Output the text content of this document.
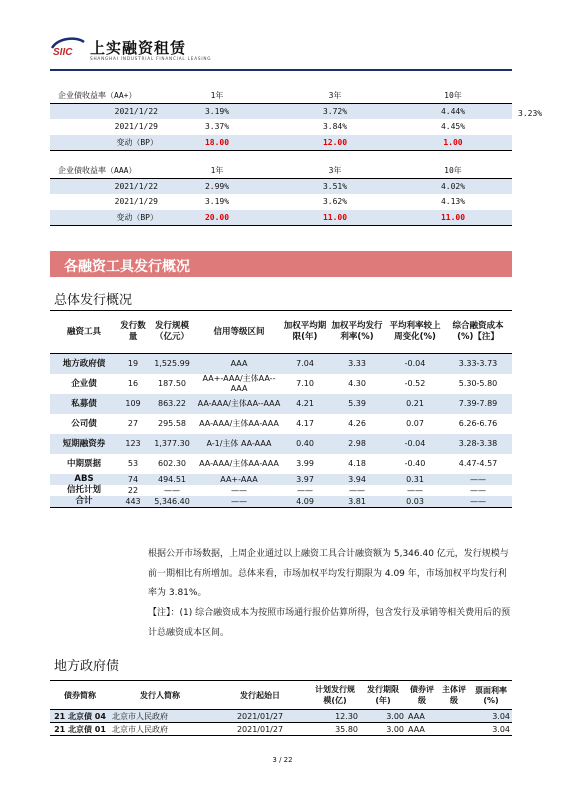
SIIC 上实融资租赁
SHANGHAI INDUSTRIAL FINANCIAL LEASING
企业债收益率（AA+）		1年	3年	10年
	2021/1/22	3.19%	3.72%	4.44%
	2021/1/29	3.37%	3.84%	4.45%
	变动（BP）	18.00	12.00	1.00
3.23%
企业债收益率（AAA）		1年	3年	10年
	2021/1/22	2.99%	3.51%	4.02%
	2021/1/29	3.19%	3.62%	4.13%
	变动（BP）	20.00	11.00	11.00
各融资工具发行概况
总体发行概况
融资工具	发行数量	发行规模（亿元）	信用等级区间	加权平均期限(年)	加权平均发行利率(%)	平均利率较上周变化(%)	综合融资成本(%)【注】
地方政府债	19	1,525.99	AAA	7.04	3.33	-0.04	3.33-3.73
企业债	16	187.50	AA+-AAA/主体AA--AAA	7.10	4.30	-0.52	5.30-5.80
私募债	109	863.22	AA-AAA/主体AA--AAA	4.21	5.39	0.21	7.39-7.89
公司债	27	295.58	AA-AAA/主体AA-AAA	4.17	4.26	0.07	6.26-6.76
短期融资券	123	1,377.30	A-1/主体 AA-AAA	0.40	2.98	-0.04	3.28-3.38
中期票据	53	602.30	AA-AAA/主体AA-AAA	3.99	4.18	-0.40	4.47-4.57
ABS	74	494.51	AA+-AAA	3.97	3.94	0.31	——
信托计划	22	——	——	——	——	——	——
合计	443	5,346.40	——	4.09	3.81	0.03	——
根据公开市场数据，上周企业通过以上融资工具合计融资额为 5,346.40 亿元，发行规模与前一期相比有所增加。总体来看，市场加权平均发行期限为 4.09 年，市场加权平均发行利率为 3.81%。
【注】：(1) 综合融资成本为按照市场通行报价估算所得，包含发行及承销等相关费用后的预计总融资成本区间。
地方政府债
债券简称	发行人简称	发行起始日	计划发行规模(亿)	发行期限(年)	债券评级	主体评级	票面利率(%)
21 北京债 04	北京市人民政府	2021/01/27	12.30	3.00	AAA		3.04
21 北京债 01	北京市人民政府	2021/01/27	35.80	3.00	AAA		3.04
3 / 22
